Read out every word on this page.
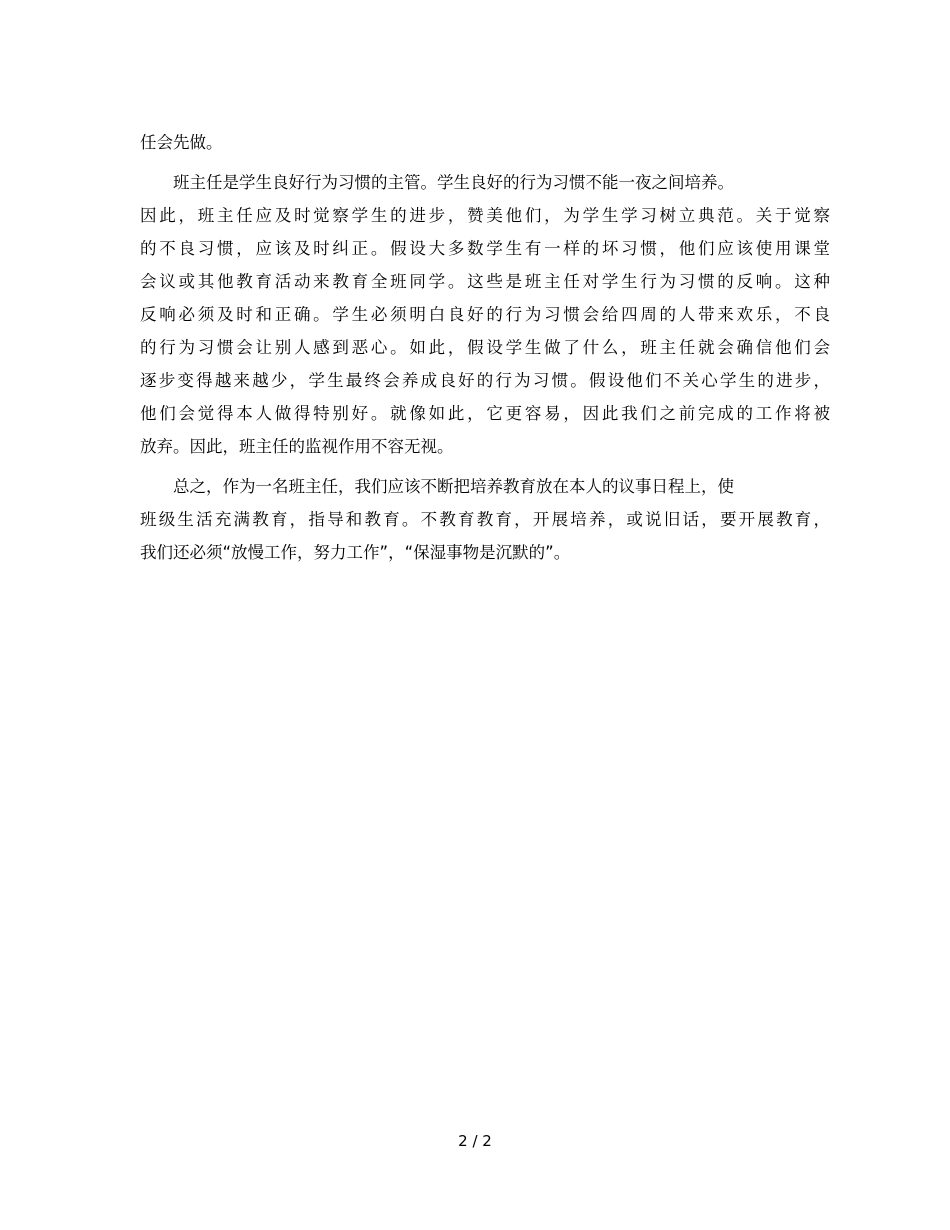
任会先做。

班主任是学生良好行为习惯的主管。学生良好的行为习惯不能一夜之间培养。

因此，班主任应及时觉察学生的进步，赞美他们，为学生学习树立典范。关于觉察

的不良习惯，应该及时纠正。假设大多数学生有一样的坏习惯，他们应该使用课堂

会议或其他教育活动来教育全班同学。这些是班主任对学生行为习惯的反响。这种

反响必须及时和正确。学生必须明白良好的行为习惯会给四周的人带来欢乐，不良

的行为习惯会让别人感到恶心。如此，假设学生做了什么，班主任就会确信他们会

逐步变得越来越少，学生最终会养成良好的行为习惯。假设他们不关心学生的进步，

他们会觉得本人做得特别好。就像如此，它更容易，因此我们之前完成的工作将被

放弃。因此，班主任的监视作用不容无视。

总之，作为一名班主任，我们应该不断把培养教育放在本人的议事日程上，使

班级生活充满教育，指导和教育。不教育教育，开展培养，或说旧话，要开展教育，

我们还必须“放慢工作，努力工作”，“保湿事物是沉默的”。

2 / 2
